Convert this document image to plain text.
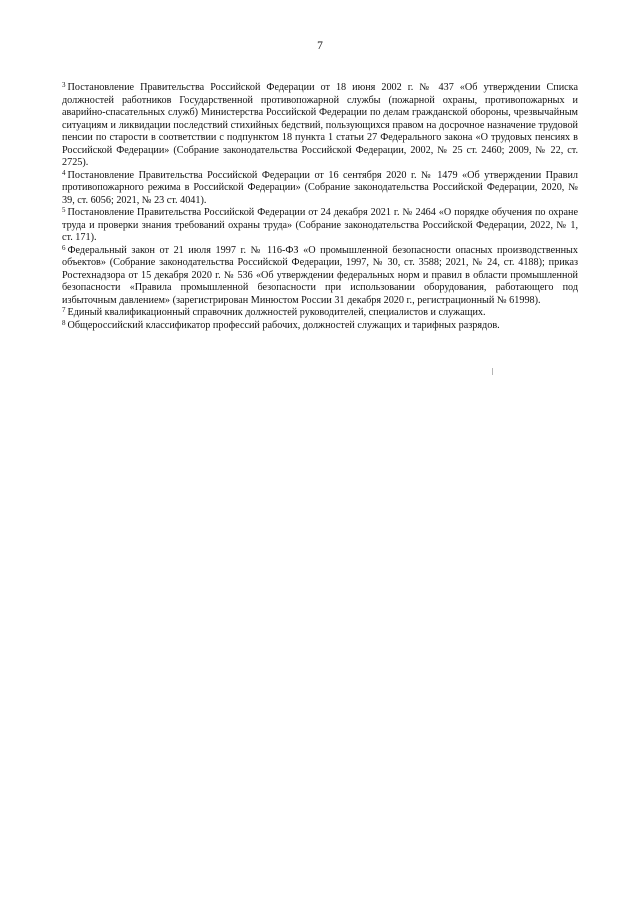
7

$^3$ Постановление Правительства Российской Федерации от 18 июня 2002 г. № 437 «Об утверждении Списка должностей работников Государственной противопожарной службы (пожарной охраны, противопожарных и аварийно-спасательных служб) Министерства Российской Федерации по делам гражданской обороны, чрезвычайным ситуациям и ликвидации последствий стихийных бедствий, пользующихся правом на досрочное назначение трудовой пенсии по старости в соответствии с подпунктом 18 пункта 1 статьи 27 Федерального закона «О трудовых пенсиях в Российской Федерации» (Собрание законодательства Российской Федерации, 2002, № 25 ст. 2460; 2009, № 22, ст. 2725).

$^4$ Постановление Правительства Российской Федерации от 16 сентября 2020 г. № 1479 «Об утверждении Правил противопожарного режима в Российской Федерации» (Собрание законодательства Российской Федерации, 2020, № 39, ст. 6056; 2021, № 23 ст. 4041).

$^5$ Постановление Правительства Российской Федерации от 24 декабря 2021 г. № 2464 «О порядке обучения по охране труда и проверки знания требований охраны труда» (Собрание законодательства Российской Федерации, 2022, № 1, ст. 171).

$^6$ Федеральный закон от 21 июля 1997 г. № 116-ФЗ «О промышленной безопасности опасных производственных объектов» (Собрание законодательства Российской Федерации, 1997, № 30, ст. 3588; 2021, № 24, ст. 4188); приказ Ростехнадзора от 15 декабря 2020 г. № 536 «Об утверждении федеральных норм и правил в области промышленной безопасности «Правила промышленной безопасности при использовании оборудования, работающего под избыточным давлением» (зарегистрирован Минюстом России 31 декабря 2020 г., регистрационный № 61998).

$^7$ Единый квалификационный справочник должностей руководителей, специалистов и служащих.

$^8$ Общероссийский классификатор профессий рабочих, должностей служащих и тарифных разрядов.
